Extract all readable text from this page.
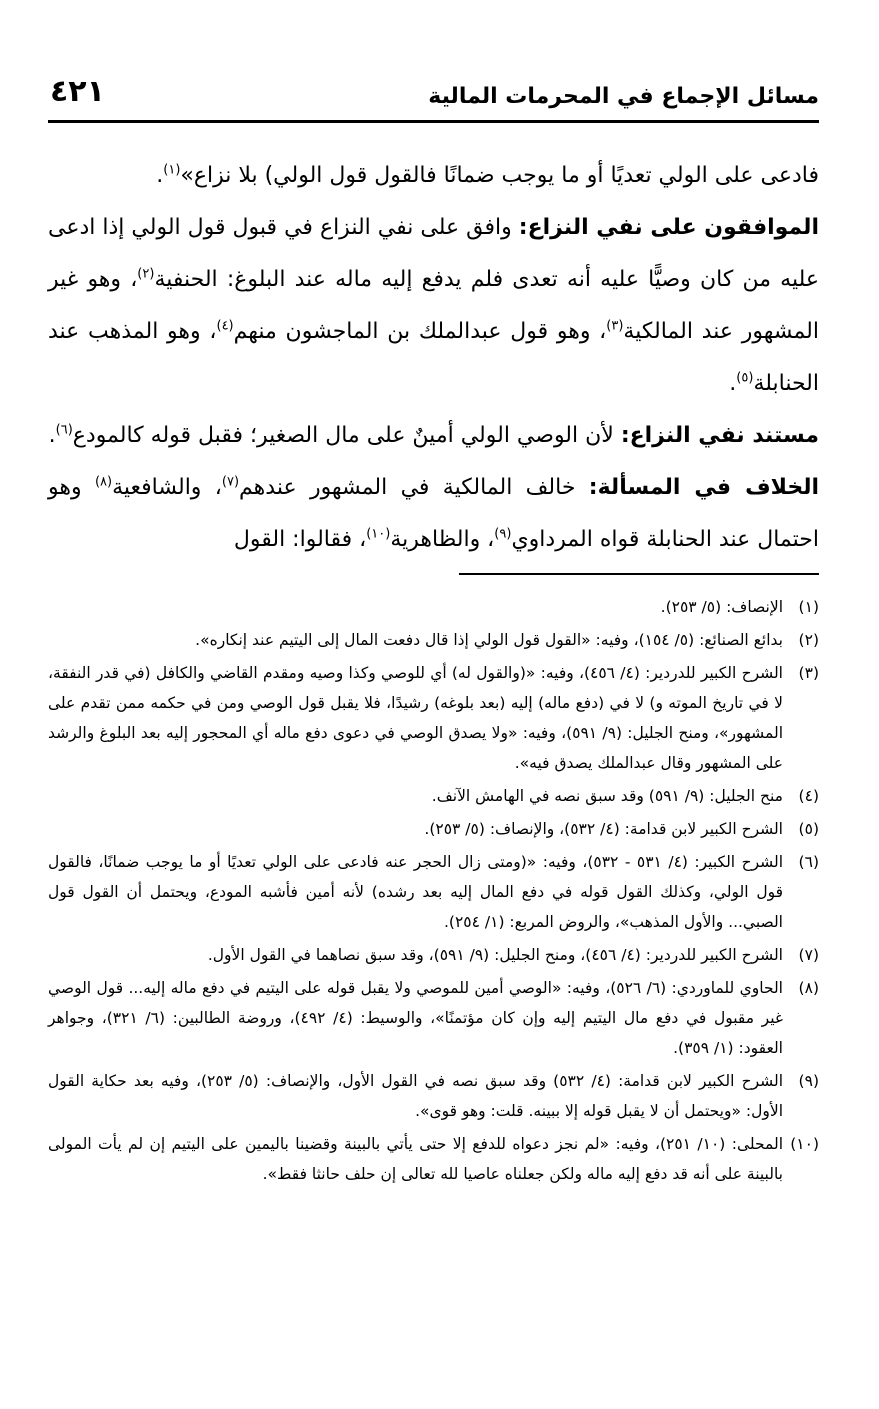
مسائل الإجماع في المحرمات المالية
٤٢١

فادعى على الولي تعديًا أو ما يوجب ضمانًا فالقول قول الولي) بلا نزاع»$^{(١)}$.

الموافقون على نفي النزاع: وافق على نفي النزاع في قبول قول الولي إذا ادعى عليه من كان وصيًّا عليه أنه تعدى فلم يدفع إليه ماله عند البلوغ: الحنفية$^{(٢)}$، وهو غير المشهور عند المالكية$^{(٣)}$، وهو قول عبدالملك بن الماجشون منهم$^{(٤)}$، وهو المذهب عند الحنابلة$^{(٥)}$.

مستند نفي النزاع: لأن الوصي الولي أمينٌ على مال الصغير؛ فقبل قوله كالمودع$^{(٦)}$.

الخلاف في المسألة: خالف المالكية في المشهور عندهم$^{(٧)}$، والشافعية$^{(٨)}$ وهو احتمال عند الحنابلة قواه المرداوي$^{(٩)}$، والظاهرية$^{(١٠)}$، فقالوا: القول

(١)
الإنصاف: (٥/ ٢٥٣).
(٢)
بدائع الصنائع: (٥/ ١٥٤)، وفيه: «القول قول الولي إذا قال دفعت المال إلى اليتيم عند إنكاره».
(٣)
الشرح الكبير للدردير: (٤/ ٤٥٦)، وفيه: «(والقول له) أي للوصي وكذا وصيه ومقدم القاضي والكافل (في قدر النفقة، لا في تاريخ الموته و) لا في (دفع ماله) إليه (بعد بلوغه) رشيدًا، فلا يقبل قول الوصي ومن في حكمه ممن تقدم على المشهور»، ومنح الجليل: (٩/ ٥٩١)، وفيه: «ولا يصدق الوصي في دعوى دفع ماله أي المحجور إليه بعد البلوغ والرشد على المشهور وقال عبدالملك يصدق فيه».
(٤)
منح الجليل: (٩/ ٥٩١) وقد سبق نصه في الهامش الآنف.
(٥)
الشرح الكبير لابن قدامة: (٤/ ٥٣٢)، والإنصاف: (٥/ ٢٥٣).
(٦)
الشرح الكبير: (٤/ ٥٣١ - ٥٣٢)، وفيه: «(ومتى زال الحجر عنه فادعى على الولي تعديًا أو ما يوجب ضمانًا، فالقول قول الولي، وكذلك القول قوله في دفع المال إليه بعد رشده) لأنه أمين فأشبه المودع، ويحتمل أن القول قول الصبي... والأول المذهب»، والروض المربع: (١/ ٢٥٤).
(٧)
الشرح الكبير للدردير: (٤/ ٤٥٦)، ومنح الجليل: (٩/ ٥٩١)، وقد سبق نصاهما في القول الأول.
(٨)
الحاوي للماوردي: (٦/ ٥٢٦)، وفيه: «الوصي أمين للموصي ولا يقبل قوله على اليتيم في دفع ماله إليه... قول الوصي غير مقبول في دفع مال اليتيم إليه وإن كان مؤتمنًا»، والوسيط: (٤/ ٤٩٢)، وروضة الطالبين: (٦/ ٣٢١)، وجواهر العقود: (١/ ٣٥٩).
(٩)
الشرح الكبير لابن قدامة: (٤/ ٥٣٢) وقد سبق نصه في القول الأول، والإنصاف: (٥/ ٢٥٣)، وفيه بعد حكاية القول الأول: «ويحتمل أن لا يقبل قوله إلا ببينه. قلت: وهو قوى».
(١٠)
المحلى: (١٠/ ٢٥١)، وفيه: «لم نجز دعواه للدفع إلا حتى يأتي بالبينة وقضينا باليمين على اليتيم إن لم يأت المولى بالبينة على أنه قد دفع إليه ماله ولكن جعلناه عاصيا لله تعالى إن حلف حانثا فقط».
